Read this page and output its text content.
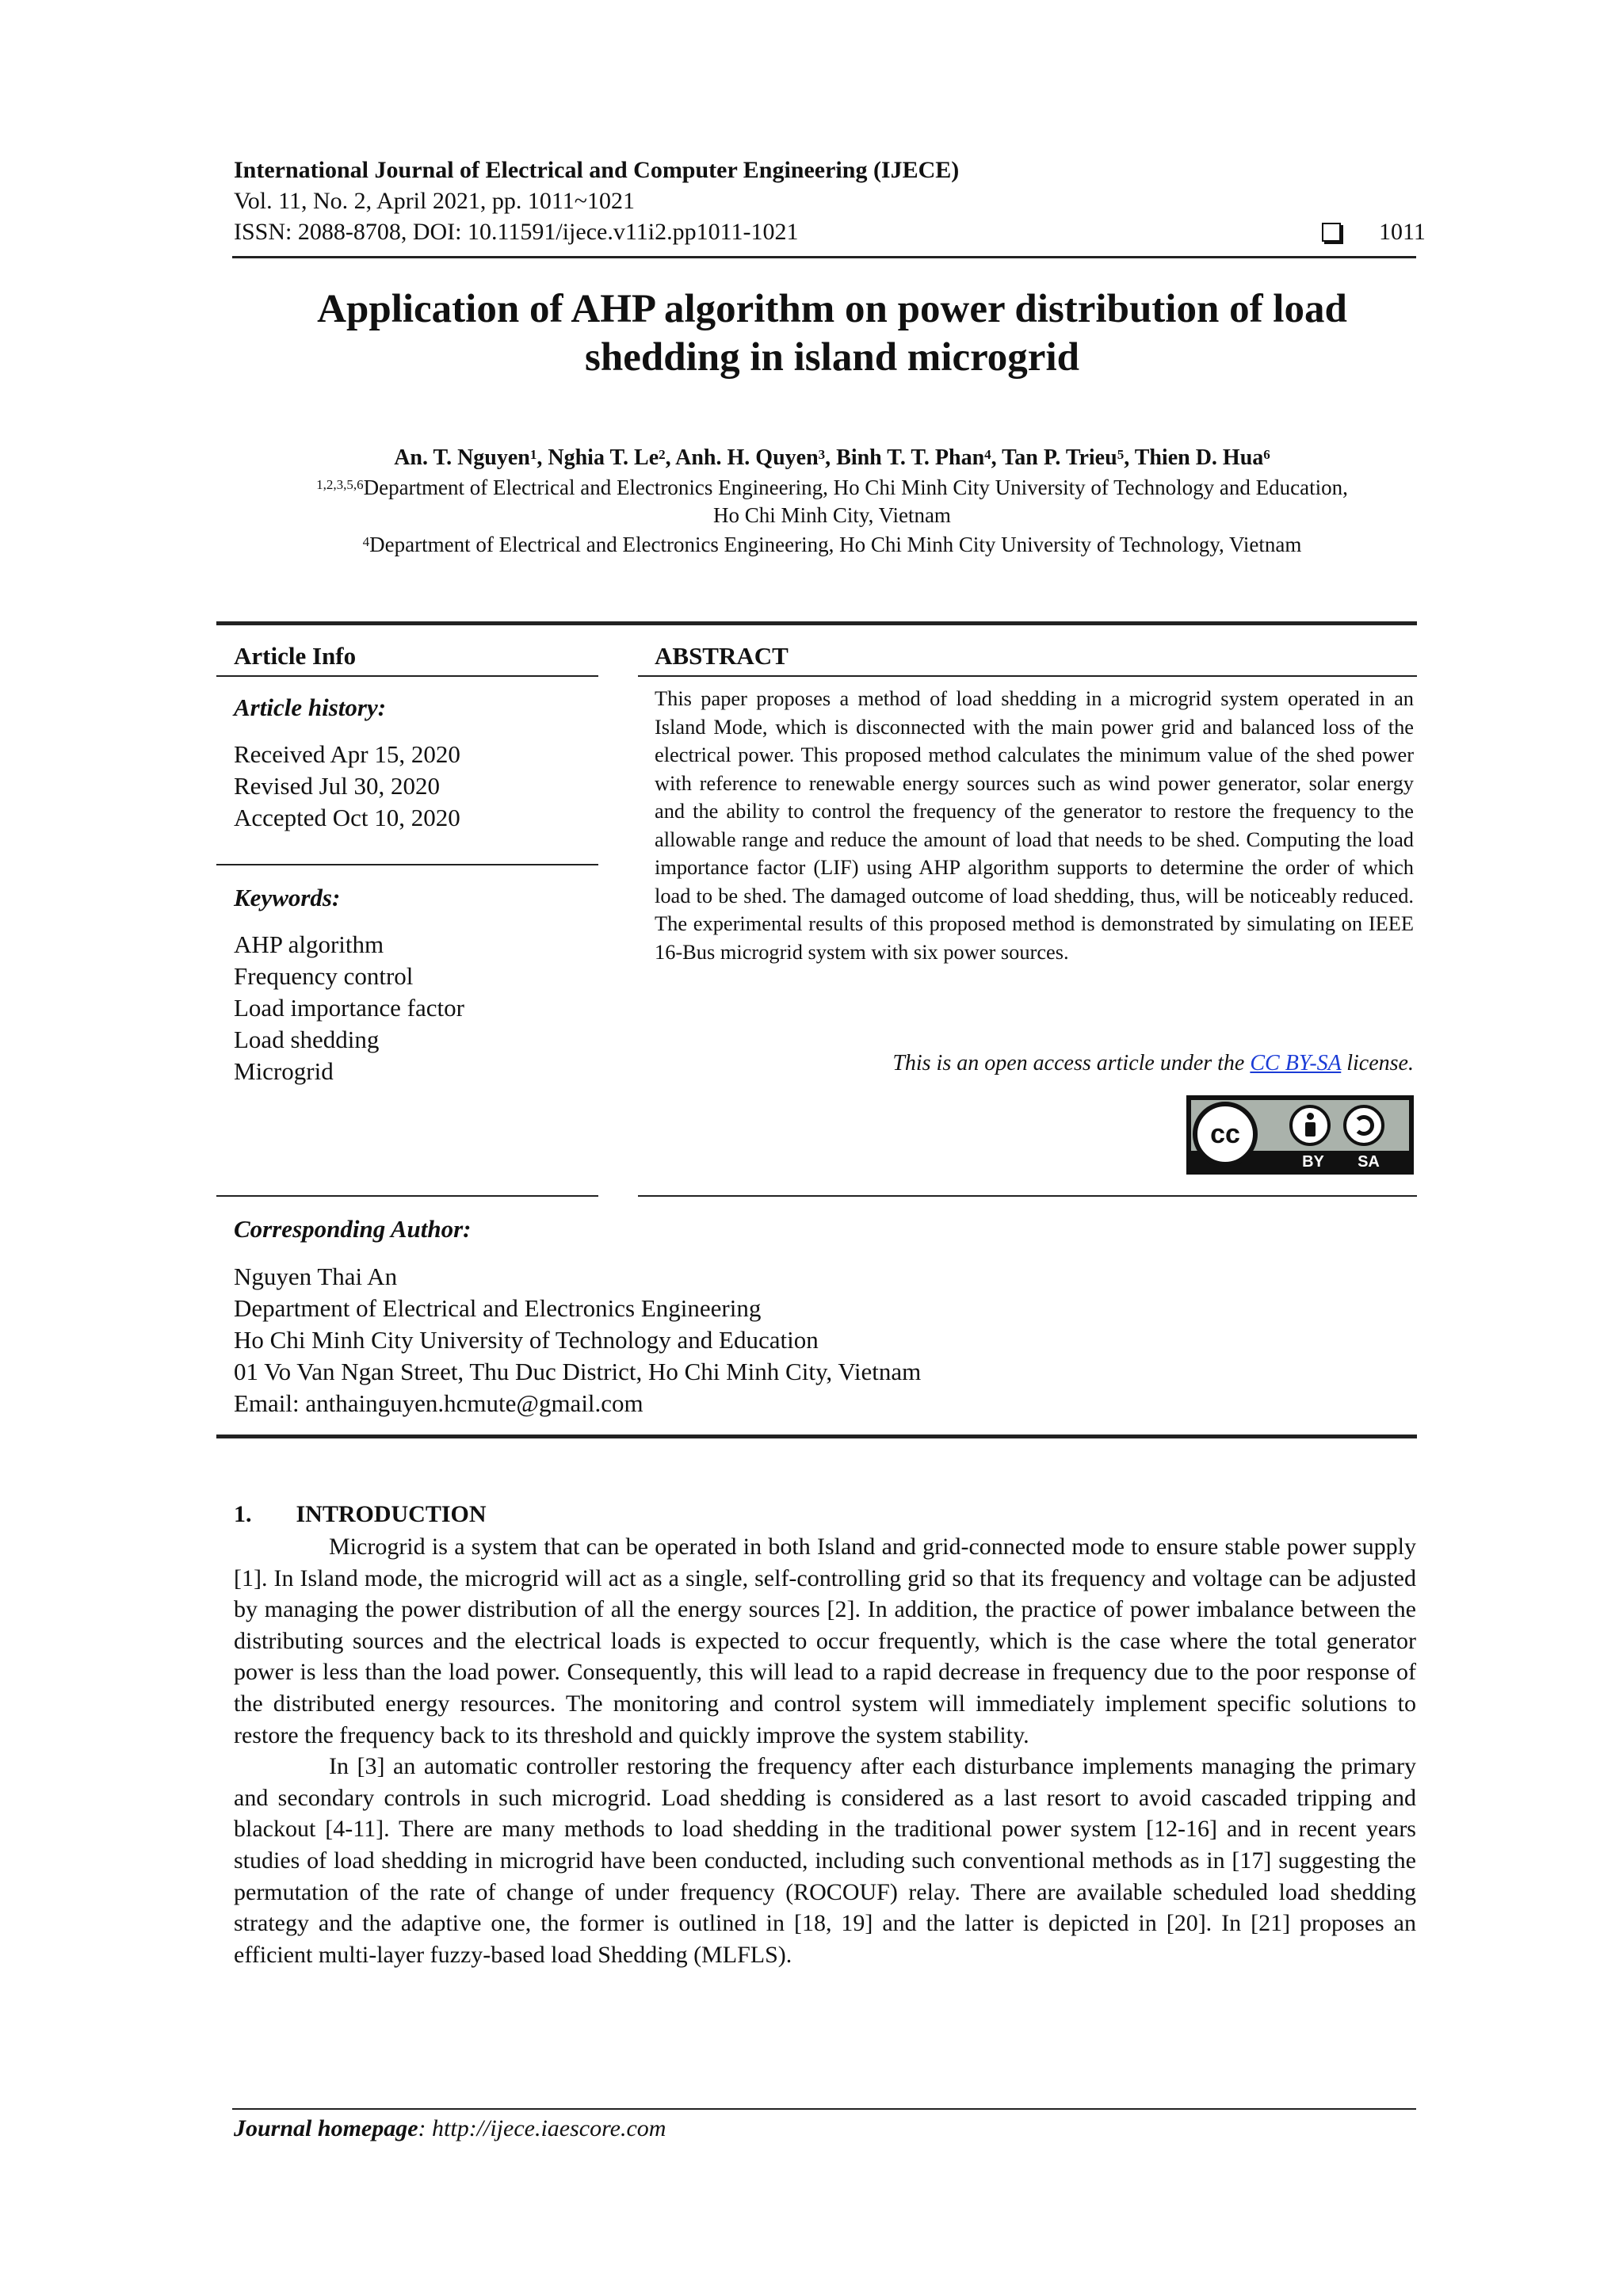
International Journal of Electrical and Computer Engineering (IJECE)
Vol. 11, No. 2, April 2021, pp. 1011~1021
ISSN: 2088-8708, DOI: 10.11591/ijece.v11i2.pp1011-1021	1011
Application of AHP algorithm on power distribution of load
shedding in island microgrid
An. T. Nguyen$^1$, Nghia T. Le$^2$, Anh. H. Quyen$^3$, Binh T. T. Phan$^4$, Tan P. Trieu$^5$, Thien D. Hua$^6$
$^{1,2,3,5,6}$Department of Electrical and Electronics Engineering, Ho Chi Minh City University of Technology and Education,
Ho Chi Minh City, Vietnam
$^4$Department of Electrical and Electronics Engineering, Ho Chi Minh City University of Technology, Vietnam
Article Info
Article history:
Received Apr 15, 2020
Revised Jul 30, 2020
Accepted Oct 10, 2020
Keywords:
AHP algorithm
Frequency control
Load importance factor
Load shedding
Microgrid
ABSTRACT
This paper proposes a method of load shedding in a microgrid system operated in an Island Mode, which is disconnected with the main power grid and balanced loss of the electrical power. This proposed method calculates the minimum value of the shed power with reference to renewable energy sources such as wind power generator, solar energy and the ability to control the frequency of the generator to restore the frequency to the allowable range and reduce the amount of load that needs to be shed. Computing the load importance factor (LIF) using AHP algorithm supports to determine the order of which load to be shed. The damaged outcome of load shedding, thus, will be noticeably reduced. The experimental results of this proposed method is demonstrated by simulating on IEEE 16-Bus microgrid system with six power sources.
This is an open access article under the CC BY-SA license.
cc
BY	SA
Corresponding Author:
Nguyen Thai An
Department of Electrical and Electronics Engineering
Ho Chi Minh City University of Technology and Education
01 Vo Van Ngan Street, Thu Duc District, Ho Chi Minh City, Vietnam
Email: anthainguyen.hcmute@gmail.com
1. INTRODUCTION
Microgrid is a system that can be operated in both Island and grid-connected mode to ensure stable power supply [1]. In Island mode, the microgrid will act as a single, self-controlling grid so that its frequency and voltage can be adjusted by managing the power distribution of all the energy sources [2]. In addition, the practice of power imbalance between the distributing sources and the electrical loads is expected to occur frequently, which is the case where the total generator power is less than the load power. Consequently, this will lead to a rapid decrease in frequency due to the poor response of the distributed energy resources. The monitoring and control system will immediately implement specific solutions to restore the frequency back to its threshold and quickly improve the system stability.
In [3] an automatic controller restoring the frequency after each disturbance implements managing the primary and secondary controls in such microgrid. Load shedding is considered as a last resort to avoid cascaded tripping and blackout [4-11]. There are many methods to load shedding in the traditional power system [12-16] and in recent years studies of load shedding in microgrid have been conducted, including such conventional methods as in [17] suggesting the permutation of the rate of change of under frequency (ROCOUF) relay. There are available scheduled load shedding strategy and the adaptive one, the former is outlined in [18, 19] and the latter is depicted in [20]. In [21] proposes an efficient multi-layer fuzzy-based load Shedding (MLFLS).
Journal homepage: http://ijece.iaescore.com
